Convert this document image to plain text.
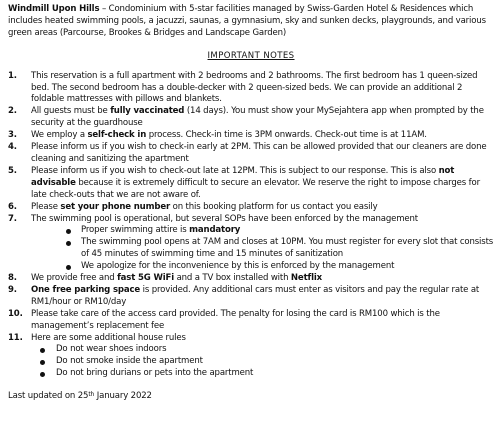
Windmill Upon Hills – Condominium with 5-star facilities managed by Swiss-Garden Hotel & Residences which includes heated swimming pools, a jacuzzi, saunas, a gymnasium, sky and sunken decks, playgrounds, and various green areas (Parcourse, Brookes & Bridges and Landscape Garden)

IMPORTANT NOTES
1. This reservation is a full apartment with 2 bedrooms and 2 bathrooms. The first bedroom has 1 queen-sized bed. The second bedroom has a double-decker with 2 queen-sized beds. We can provide an additional 2 foldable mattresses with pillows and blankets.
2. All guests must be fully vaccinated (14 days). You must show your MySejahtera app when prompted by the security at the guardhouse
3. We employ a self-check in process. Check-in time is 3PM onwards. Check-out time is at 11AM.
4. Please inform us if you wish to check-in early at 2PM. This can be allowed provided that our cleaners are done cleaning and sanitizing the apartment
5. Please inform us if you wish to check-out late at 12PM. This is subject to our response. This is also not advisable because it is extremely difficult to secure an elevator. We reserve the right to impose charges for late check-outs that we are not aware of.
6. Please set your phone number on this booking platform for us contact you easily
7. The swimming pool is operational, but several SOPs have been enforced by the management
Proper swimming attire is mandatory
The swimming pool opens at 7AM and closes at 10PM. You must register for every slot that consists of 45 minutes of swimming time and 15 minutes of sanitization
We apologize for the inconvenience by this is enforced by the management
8. We provide free and fast 5G WiFi and a TV box installed with Netflix
9. One free parking space is provided. Any additional cars must enter as visitors and pay the regular rate at RM1/hour or RM10/day
10. Please take care of the access card provided. The penalty for losing the card is RM100 which is the management’s replacement fee
11. Here are some additional house rules
Do not wear shoes indoors
Do not smoke inside the apartment
Do not bring durians or pets into the apartment
Last updated on 25th January 2022
